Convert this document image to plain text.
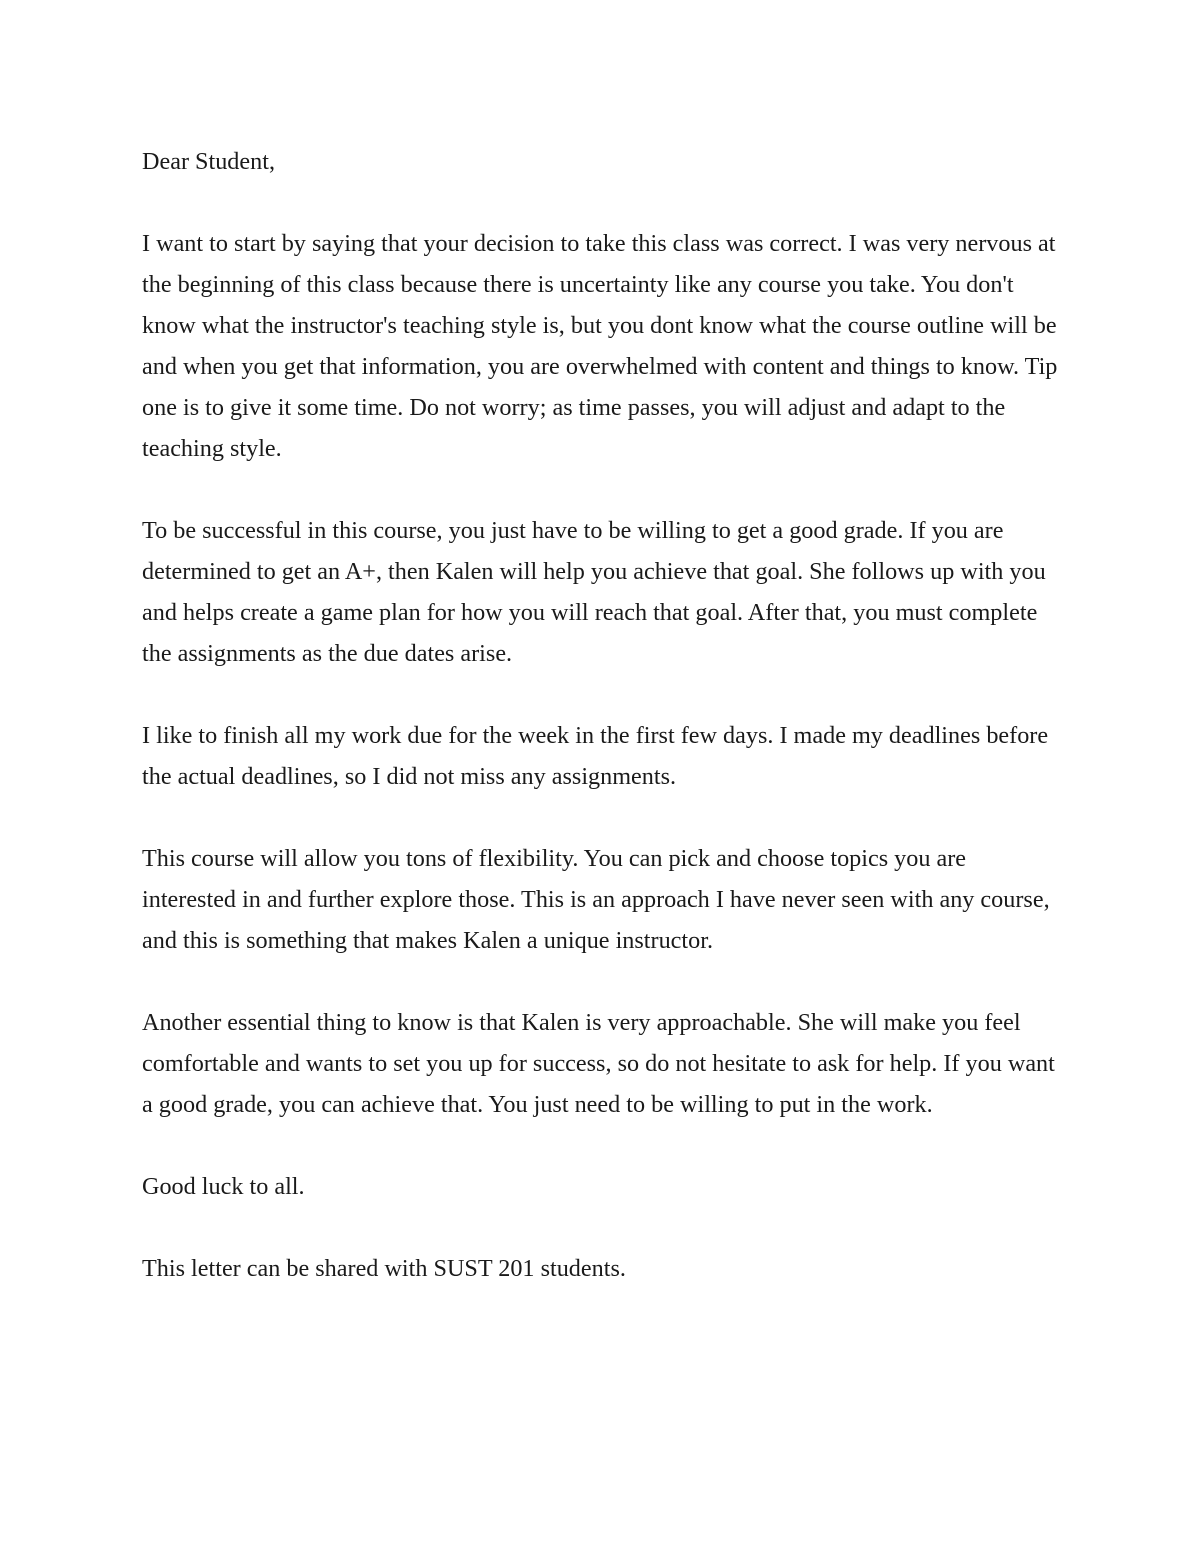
Dear Student,

I want to start by saying that your decision to take this class was correct. I was very nervous at the beginning of this class because there is uncertainty like any course you take. You don't know what the instructor's teaching style is, but you dont know what the course outline will be and when you get that information, you are overwhelmed with content and things to know. Tip one is to give it some time. Do not worry; as time passes, you will adjust and adapt to the teaching style.

To be successful in this course, you just have to be willing to get a good grade. If you are determined to get an A+, then Kalen will help you achieve that goal. She follows up with you and helps create a game plan for how you will reach that goal. After that, you must complete the assignments as the due dates arise.

I like to finish all my work due for the week in the first few days. I made my deadlines before the actual deadlines, so I did not miss any assignments.

This course will allow you tons of flexibility. You can pick and choose topics you are interested in and further explore those. This is an approach I have never seen with any course, and this is something that makes Kalen a unique instructor.

Another essential thing to know is that Kalen is very approachable. She will make you feel comfortable and wants to set you up for success, so do not hesitate to ask for help. If you want a good grade, you can achieve that. You just need to be willing to put in the work.

Good luck to all.

This letter can be shared with SUST 201 students.
